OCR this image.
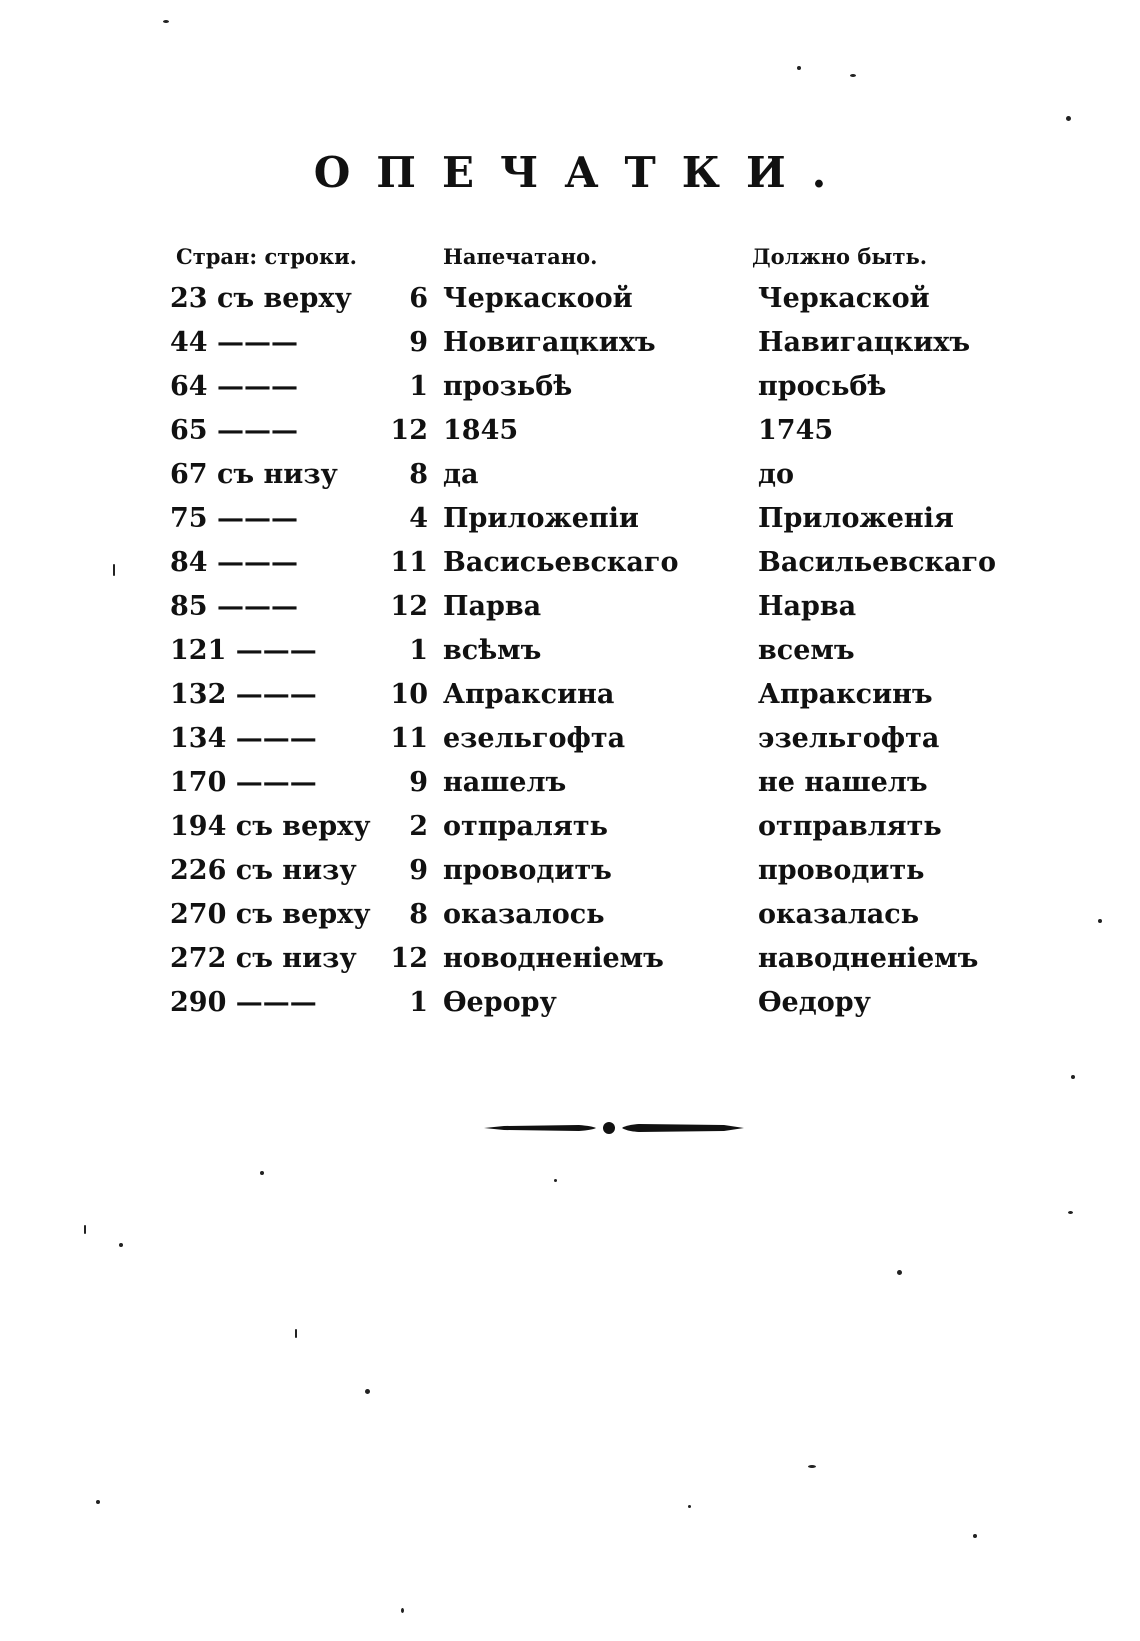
ОПЕЧАТКИ.
Стран: строки.	Напечатано.	Должно быть.
23 съ верху	6 Черкаскоой	Черкаской
44 ———	9 Новигацкихъ	Навигацкихъ
64 ———	1 прозьбѣ	просьбѣ
65 ———	12 1845	1745
67 съ низу	8 да	до
75 ———	4 Приложепіи	Приложенія
84 ———	11 Васисьевскаго	Васильевскаго
85 ———	12 Парва	Нарва
121 ———	1 всѣмъ	всемъ
132 ———	10 Апраксина	Апраксинъ
134 ———	11 езельгофта	эзельгофта
170 ———	9 нашелъ	не нашелъ
194 съ верху	2 отпралять	отправлять
226 съ низу	9 проводитъ	проводить
270 съ верху	8 оказалось	оказалась
272 съ низу	12 новодненіемъ	наводненіемъ
290 ———	1 Өерору	Өедору
